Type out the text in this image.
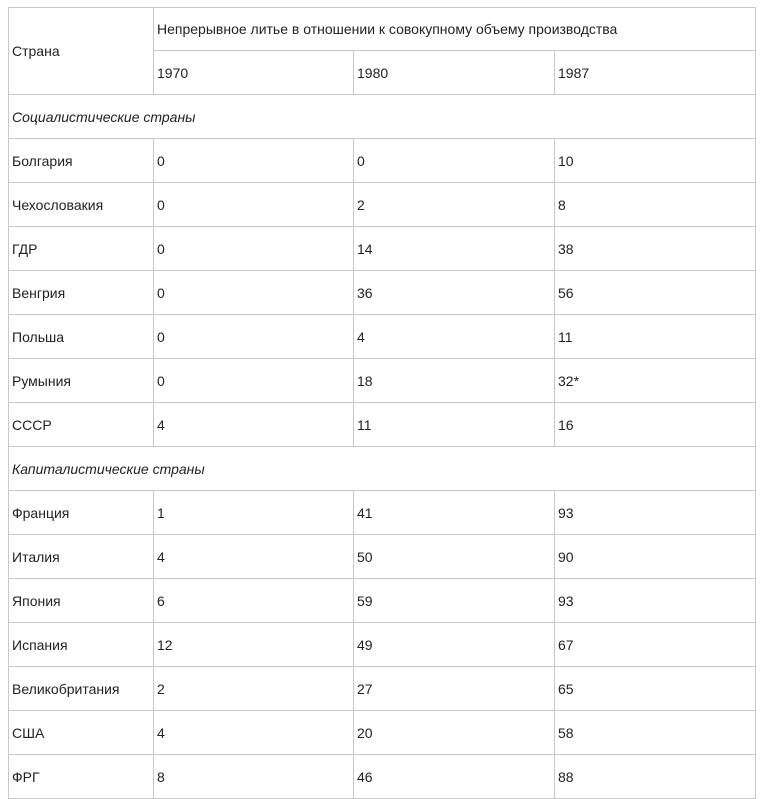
Страна	Непрерывное литье в отношении к совокупному объему производства		
	1970	1980	1987
Социалистические страны			
Болгария	0	0	10
Чехословакия	0	2	8
ГДР	0	14	38
Венгрия	0	36	56
Польша	0	4	11
Румыния	0	18	32*
СССР	4	11	16
Капиталистические страны			
Франция	1	41	93
Италия	4	50	90
Япония	6	59	93
Испания	12	49	67
Великобритания	2	27	65
США	4	20	58
ФРГ	8	46	88
